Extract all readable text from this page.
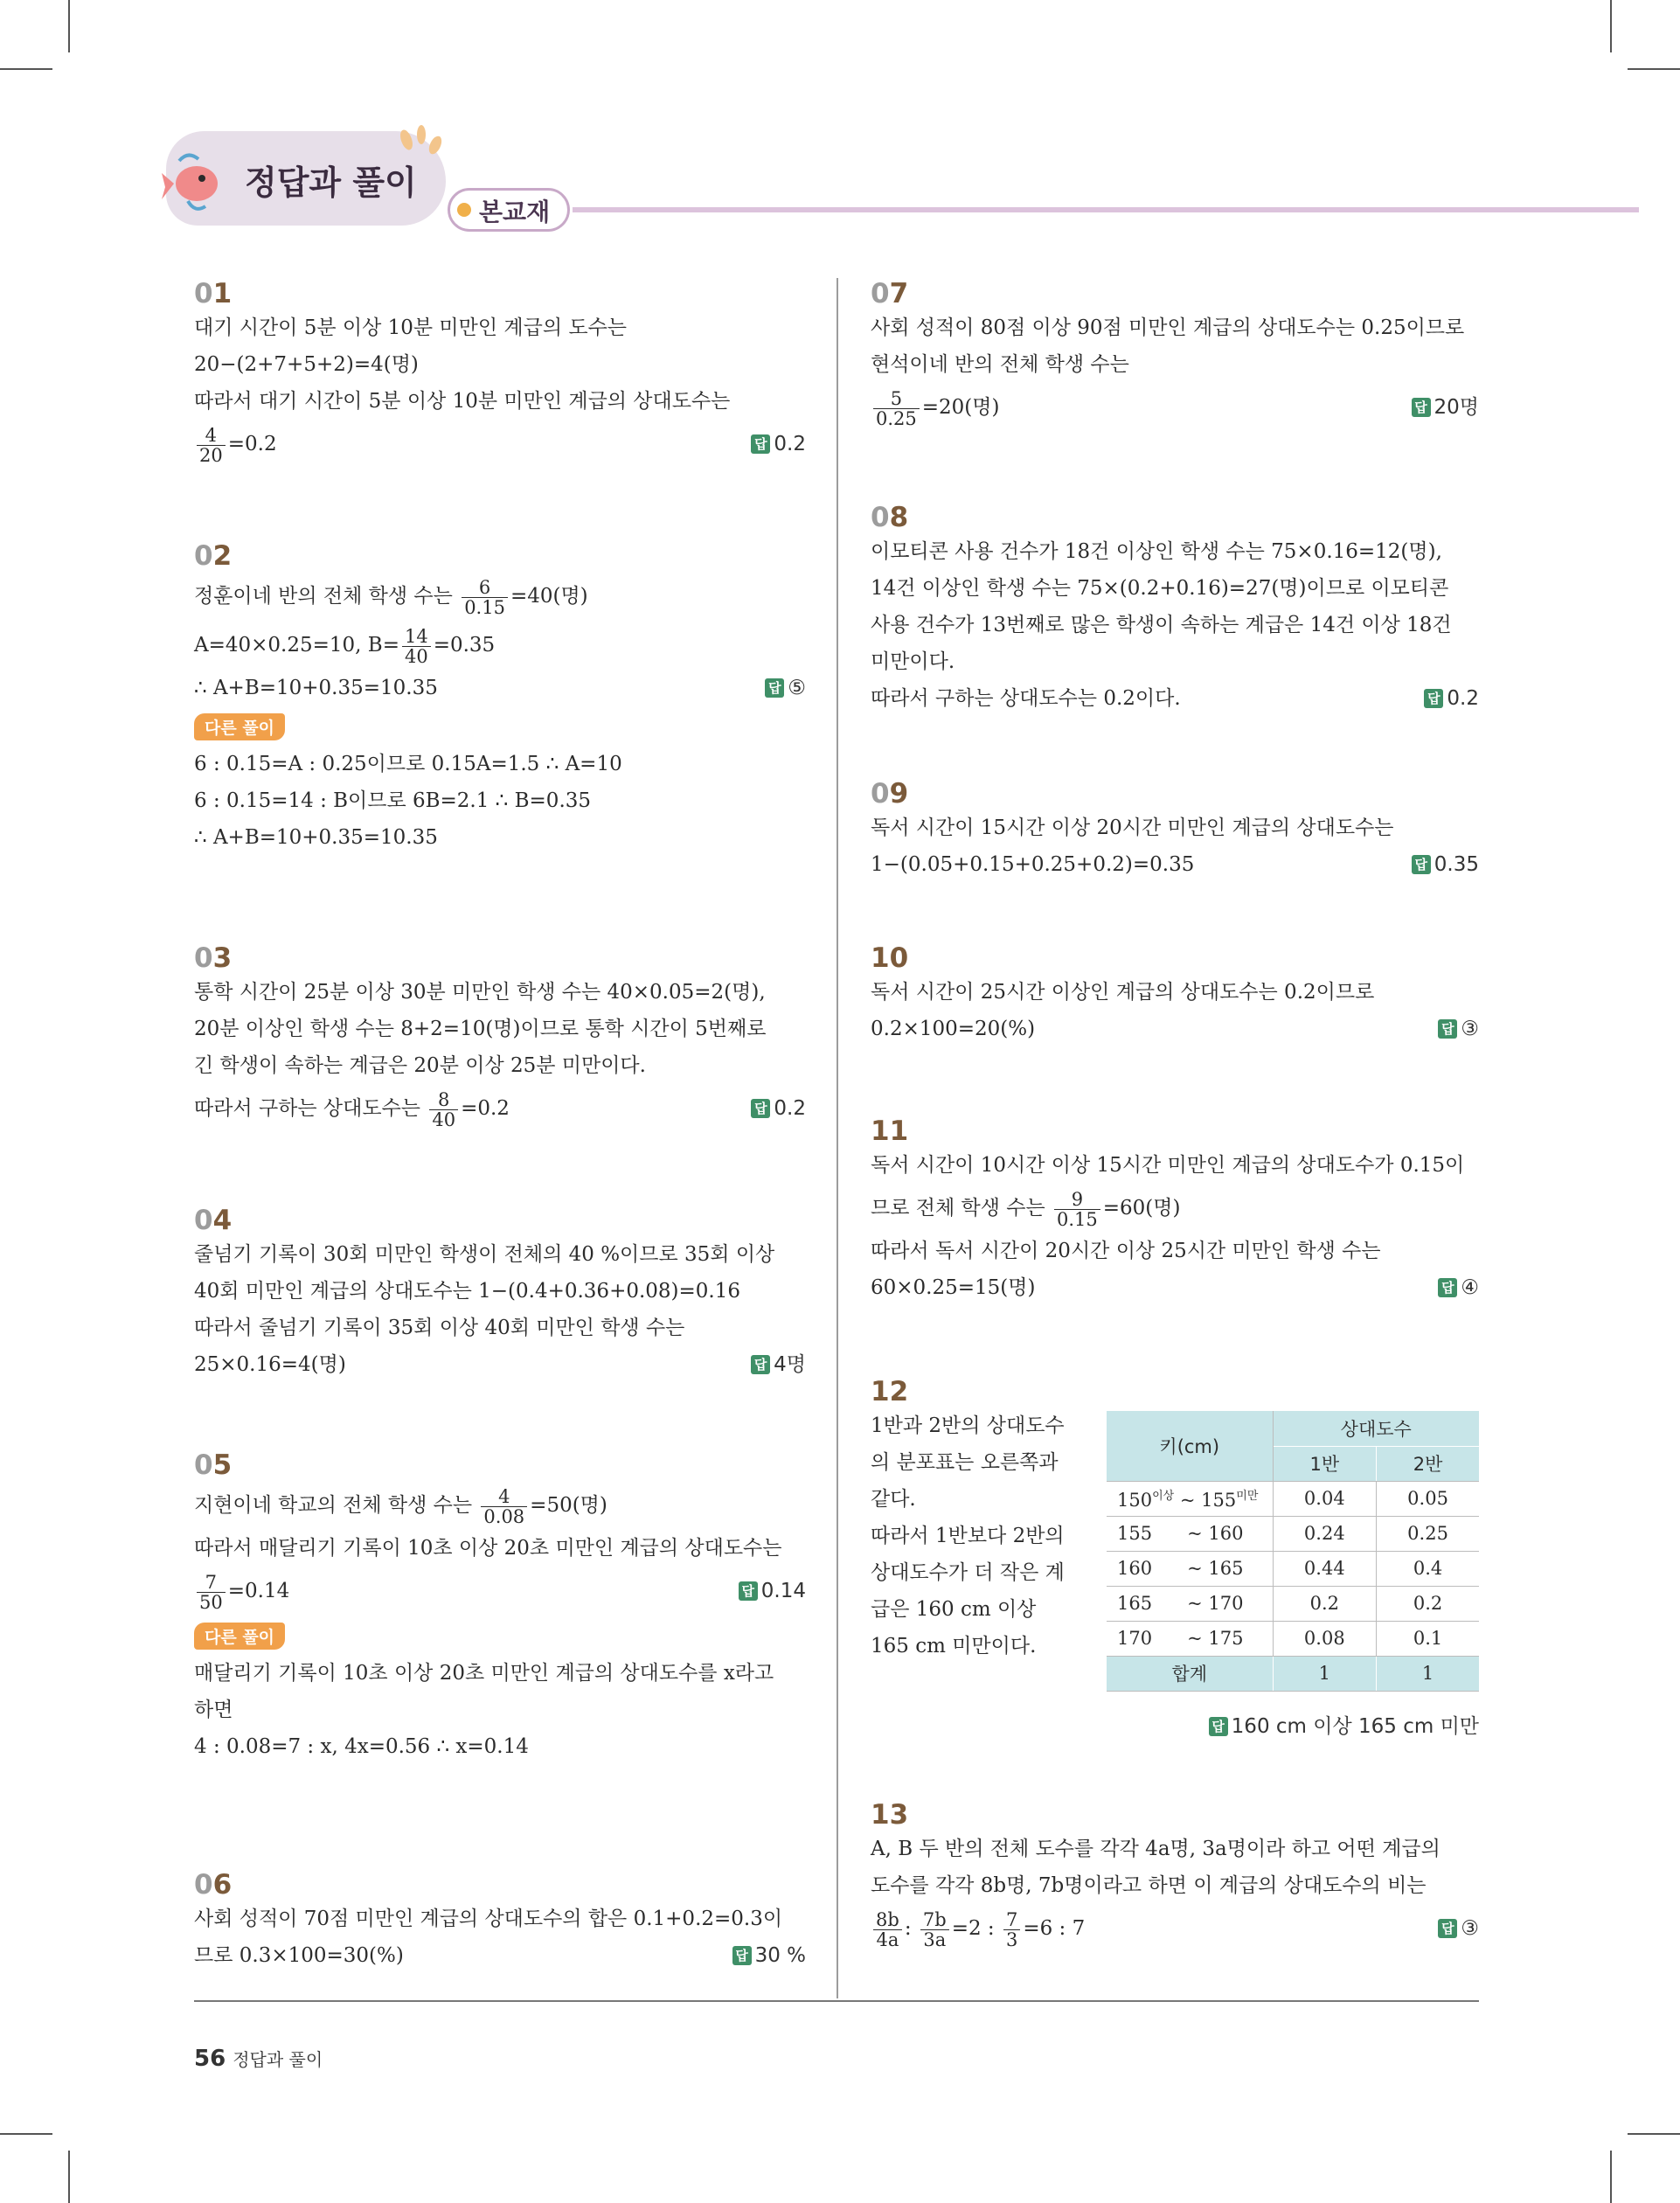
정답과 풀이
본교재
01
대기 시간이 5분 이상 10분 미만인 계급의 도수는
20−(2+7+5+2)=4(명)
따라서 대기 시간이 5분 이상 10분 미만인 계급의 상대도수는
$\frac{4}{20} =0.2$	답 0.2
02
정훈이네 반의 전체 학생 수는 $\frac{6}{0.15} =40$(명)
A=40×0.25=10, $B= \frac{14}{40} =0.35$
∴ A+B=10+0.35=10.35	답 ⑤
다른 풀이
6 : 0.15=A : 0.25이므로 0.15A=1.5 ∴ A=10
6 : 0.15=14 : B이므로 6B=2.1 ∴ B=0.35
∴ A+B=10+0.35=10.35
03
통학 시간이 25분 이상 30분 미만인 학생 수는 40×0.05=2(명),
20분 이상인 학생 수는 8+2=10(명)이므로 통학 시간이 5번째로
긴 학생이 속하는 계급은 20분 이상 25분 미만이다.
따라서 구하는 상대도수는 $\frac{8}{40} =0.2$	답 0.2
04
줄넘기 기록이 30회 미만인 학생이 전체의 40 %이므로 35회 이상
40회 미만인 계급의 상대도수는 1−(0.4+0.36+0.08)=0.16
따라서 줄넘기 기록이 35회 이상 40회 미만인 학생 수는
25×0.16=4(명)	답 4명
05
지현이네 학교의 전체 학생 수는 $\frac{4}{0.08} =50$(명)
따라서 매달리기 기록이 10초 이상 20초 미만인 계급의 상대도수는
$\frac{7}{50} =0.14$	답 0.14
다른 풀이
매달리기 기록이 10초 이상 20초 미만인 계급의 상대도수를 x라고
하면
4 : 0.08=7 : x, 4x=0.56 ∴ x=0.14
06
사회 성적이 70점 미만인 계급의 상대도수의 합은 0.1+0.2=0.3이
므로 0.3×100=30(%)	답 30 %
07
사회 성적이 80점 이상 90점 미만인 계급의 상대도수는 0.25이므로
현석이네 반의 전체 학생 수는
$\frac{5}{0.25} =20$(명)	답 20명
08
이모티콘 사용 건수가 18건 이상인 학생 수는 75×0.16=12(명),
14건 이상인 학생 수는 75×(0.2+0.16)=27(명)이므로 이모티콘
사용 건수가 13번째로 많은 학생이 속하는 계급은 14건 이상 18건
미만이다.
따라서 구하는 상대도수는 0.2이다.	답 0.2
09
독서 시간이 15시간 이상 20시간 미만인 계급의 상대도수는
1−(0.05+0.15+0.25+0.2)=0.35	답 0.35
10
독서 시간이 25시간 이상인 계급의 상대도수는 0.2이므로
0.2×100=20(%)	답 ③
11
독서 시간이 10시간 이상 15시간 미만인 계급의 상대도수가 0.15이
므로 전체 학생 수는 $\frac{9}{0.15} =60$(명)
따라서 독서 시간이 20시간 이상 25시간 미만인 학생 수는
60×0.25=15(명)	답 ④
12
1반과 2반의 상대도수
의 분포표는 오른쪽과
같다.
따라서 1반보다 2반의
상대도수가 더 작은 계
급은 160 cm 이상
165 cm 미만이다.
키(cm)	상대도수	
	1반	2반
$150^{이상}$ ~ $155^{미만}$	0.04	0.05
155 ~ 160	0.24	0.25
160 ~ 165	0.44	0.4
165 ~ 170	0.2	0.2
170 ~ 175	0.08	0.1
합계	1	1
답 160 cm 이상 165 cm 미만
13
A, B 두 반의 전체 도수를 각각 4a명, 3a명이라 하고 어떤 계급의
도수를 각각 8b명, 7b명이라고 하면 이 계급의 상대도수의 비는
$\frac{8b}{4a}$ : $\frac{7b}{3a} =2$ : $\frac{7}{3} =6$ : 7	답 ③
56 정답과 풀이
